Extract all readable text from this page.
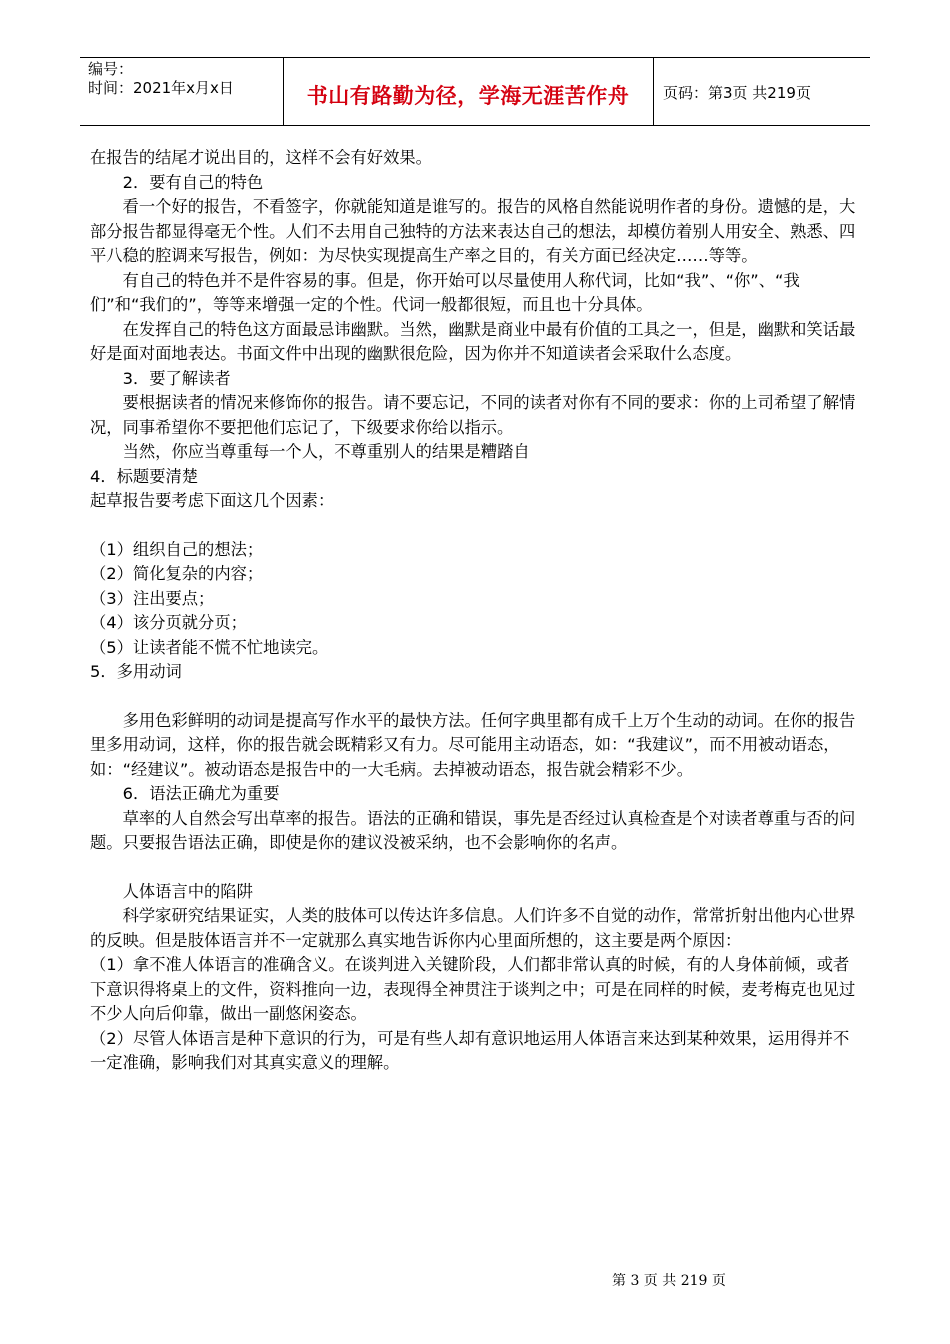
编号：
时间：2021年x月x日	书山有路勤为径，学海无涯苦作舟	页码：第3页 共219页
在报告的结尾才说出目的，这样不会有好效果。
2．要有自己的特色
看一个好的报告，不看签字，你就能知道是谁写的。报告的风格自然能说明作者的身份。遗憾的是，大部分报告都显得毫无个性。人们不去用自己独特的方法来表达自己的想法，却模仿着别人用安全、熟悉、四平八稳的腔调来写报告，例如：为尽快实现提高生产率之目的，有关方面已经决定……等等。
有自己的特色并不是件容易的事。但是，你开始可以尽量使用人称代词，比如“我”、“你”、“我们”和“我们的”，等等来增强一定的个性。代词一般都很短，而且也十分具体。
在发挥自己的特色这方面最忌讳幽默。当然，幽默是商业中最有价值的工具之一，但是，幽默和笑话最好是面对面地表达。书面文件中出现的幽默很危险，因为你并不知道读者会采取什么态度。
3．要了解读者
要根据读者的情况来修饰你的报告。请不要忘记，不同的读者对你有不同的要求：你的上司希望了解情况，同事希望你不要把他们忘记了，下级要求你给以指示。
当然，你应当尊重每一个人，不尊重别人的结果是糟踏自
4．标题要清楚
起草报告要考虑下面这几个因素：
（1）组织自己的想法；
（2）简化复杂的内容；
（3）注出要点；
（4）该分页就分页；
（5）让读者能不慌不忙地读完。
5．多用动词
多用色彩鲜明的动词是提高写作水平的最快方法。任何字典里都有成千上万个生动的动词。在你的报告里多用动词，这样，你的报告就会既精彩又有力。尽可能用主动语态，如：“我建议”，而不用被动语态，如：“经建议”。被动语态是报告中的一大毛病。去掉被动语态，报告就会精彩不少。
6．语法正确尤为重要
草率的人自然会写出草率的报告。语法的正确和错误，事先是否经过认真检查是个对读者尊重与否的问题。只要报告语法正确，即使是你的建议没被采纳，也不会影响你的名声。
人体语言中的陷阱
科学家研究结果证实，人类的肢体可以传达许多信息。人们许多不自觉的动作，常常折射出他内心世界的反映。但是肢体语言并不一定就那么真实地告诉你内心里面所想的，这主要是两个原因：
（1）拿不准人体语言的准确含义。在谈判进入关键阶段，人们都非常认真的时候，有的人身体前倾，或者下意识得将桌上的文件，资料推向一边，表现得全神贯注于谈判之中；可是在同样的时候，麦考梅克也见过不少人向后仰靠，做出一副悠闲姿态。
（2）尽管人体语言是种下意识的行为，可是有些人却有意识地运用人体语言来达到某种效果，运用得并不一定准确，影响我们对其真实意义的理解。
第 3 页 共 219 页
